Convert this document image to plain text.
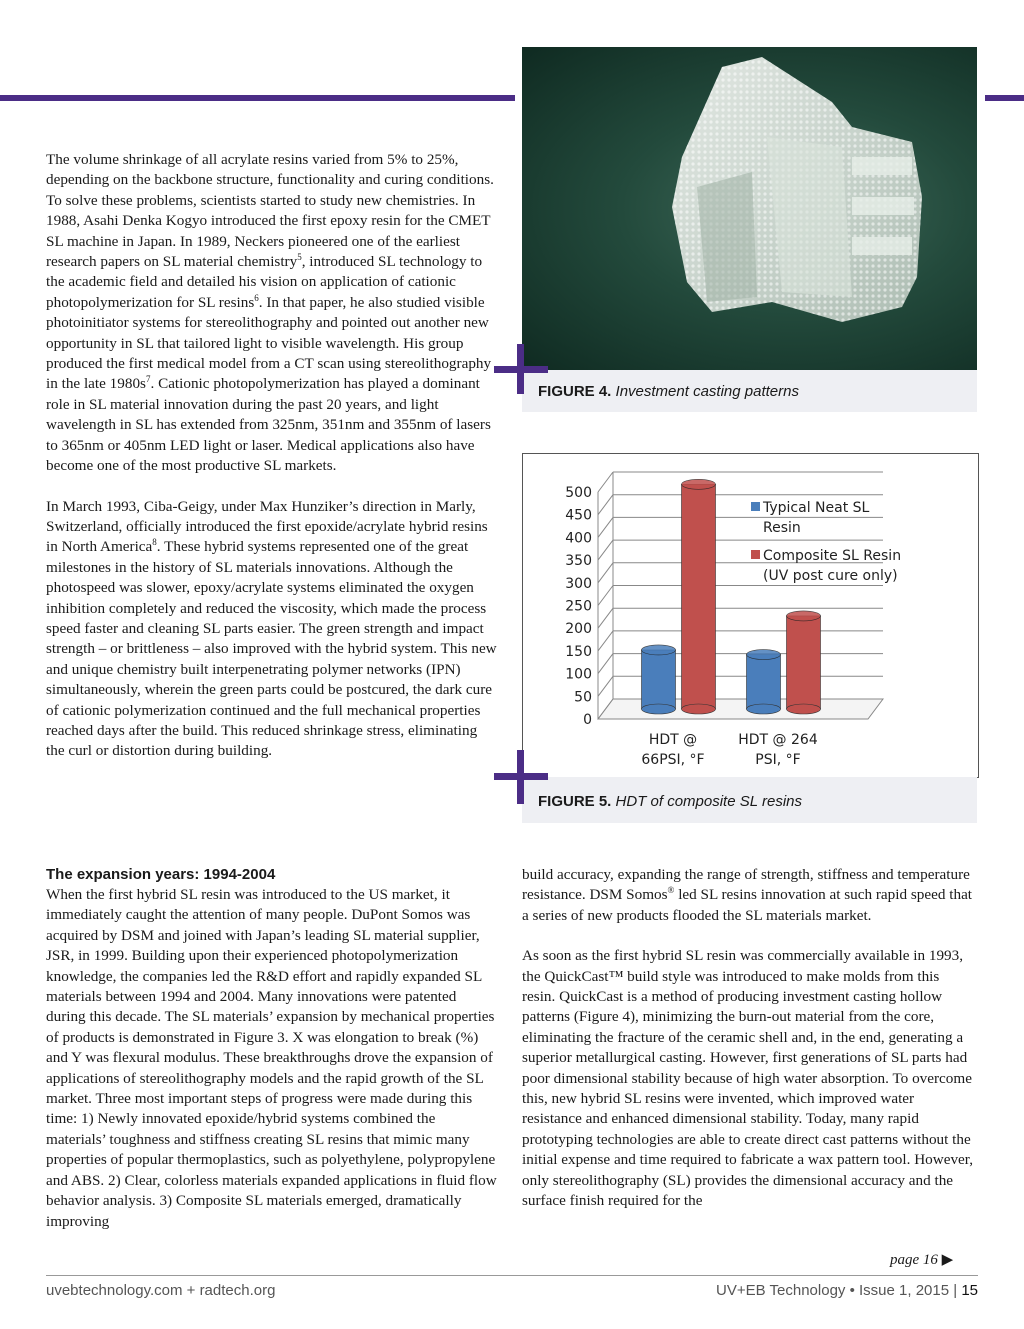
The volume shrinkage of all acrylate resins varied from 5% to 25%, depending on the backbone structure, functionality and curing conditions. To solve these problems, scientists started to study new chemistries. In 1988, Asahi Denka Kogyo introduced the first epoxy resin for the CMET SL machine in Japan. In 1989, Neckers pioneered one of the earliest research papers on SL material chemistry$^5$, introduced SL technology to the academic field and detailed his vision on application of cationic photopolymerization for SL resins$^6$. In that paper, he also studied visible photoinitiator systems for stereolithography and pointed out another new opportunity in SL that tailored light to visible wavelength. His group produced the first medical model from a CT scan using stereolithography in the late $1980s^7$. Cationic photopolymerization has played a dominant role in SL material innovation during the past 20 years, and light wavelength in SL has extended from 325nm, 351nm and 355nm of lasers to 365nm or 405nm LED light or laser. Medical applications also have become one of the most productive SL markets.

In March 1993, Ciba-Geigy, under Max Hunziker’s direction in Marly, Switzerland, officially introduced the first epoxide/acrylate hybrid resins in North America$^8$. These hybrid systems represented one of the great milestones in the history of SL materials innovations. Although the photospeed was slower, epoxy/acrylate systems eliminated the oxygen inhibition completely and reduced the viscosity, which made the process speed faster and cleaning SL parts easier. The green strength and impact strength – or brittleness – also improved with the hybrid system. This new and unique chemistry built interpenetrating polymer networks (IPN) simultaneously, wherein the green parts could be postcured, the dark cure of cationic polymerization continued and the full mechanical properties reached days after the build. This reduced shrinkage stress, eliminating the curl or distortion during building.

The expansion years: 1994-2004

When the first hybrid SL resin was introduced to the US market, it immediately caught the attention of many people. DuPont Somos was acquired by DSM and joined with Japan’s leading SL material supplier, JSR, in 1999. Building upon their experienced photopolymerization knowledge, the companies led the R&D effort and rapidly expanded SL materials between 1994 and 2004. Many innovations were patented during this decade. The SL materials’ expansion by mechanical properties of products is demonstrated in Figure 3. X was elongation to break (%) and Y was flexural modulus. These breakthroughs drove the expansion of applications of stereolithography models and the rapid growth of the SL market. Three most important steps of progress were made during this time: 1) Newly innovated epoxide/hybrid systems combined the materials’ toughness and stiffness creating SL resins that mimic many properties of popular thermoplastics, such as polyethylene, polypropylene and ABS. 2) Clear, colorless materials expanded applications in fluid flow behavior analysis. 3) Composite SL materials emerged, dramatically improving

build accuracy, expanding the range of strength, stiffness and temperature resistance. DSM Somos® led SL resins innovation at such rapid speed that a series of new products flooded the SL materials market.

As soon as the first hybrid SL resin was commercially available in 1993, the QuickCast™ build style was introduced to make molds from this resin. QuickCast is a method of producing investment casting hollow patterns (Figure 4), minimizing the burn-out material from the core, eliminating the fracture of the ceramic shell and, in the end, generating a superior metallurgical casting. However, first generations of SL parts had poor dimensional stability because of high water absorption. To overcome this, new hybrid SL resins were invented, which improved water resistance and enhanced dimensional stability. Today, many rapid prototyping technologies are able to create direct cast patterns without the initial expense and time required to fabricate a wax pattern tool. However, only stereolithography (SL) provides the dimensional accuracy and the surface finish required for the

page 16 ▶
FIGURE 4. Investment casting patterns
0
50
100
150
200
250
300
350
400
450
500
HDT @
66PSI, °F
HDT @ 264
PSI, °F
Typical Neat SL
Resin
Composite SL Resin
(UV post cure only)
FIGURE 5. HDT of composite SL resins
uvebtechnology.com + radtech.org	UV+EB Technology • Issue 1, 2015 | 15
